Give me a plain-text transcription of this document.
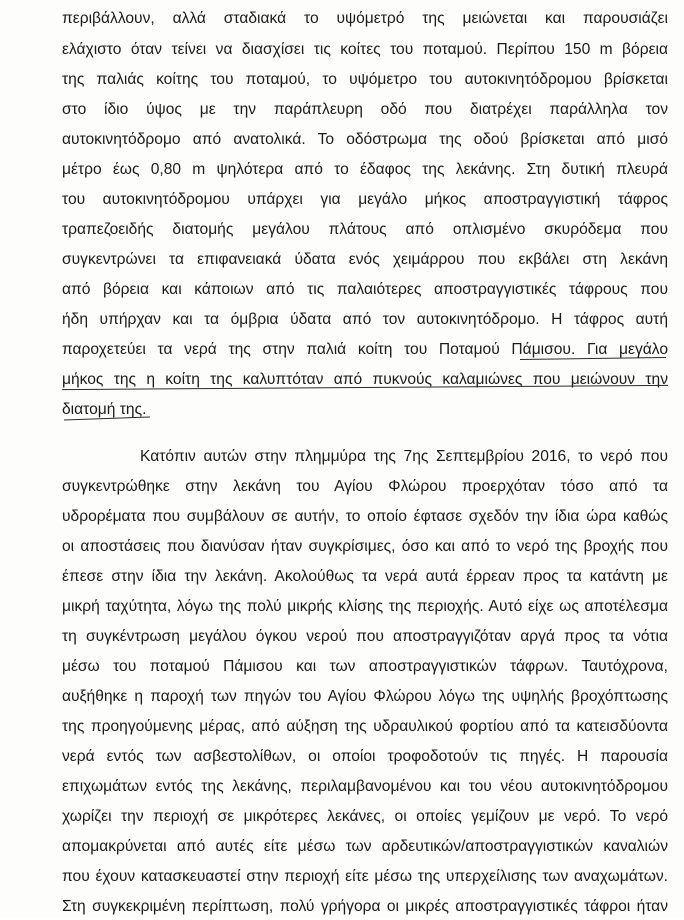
περιβάλλουν, αλλά σταδιακά το υψόμετρό της μειώνεται και παρουσιάζει
ελάχιστο όταν τείνει να διασχίσει τις κοίτες του ποταμού. Περίπου 150 m βόρεια
της παλιάς κοίτης του ποταμού, το υψόμετρο του αυτοκινητόδρομου βρίσκεται
στο ίδιο ύψος με την παράπλευρη οδό που διατρέχει παράλληλα τον
αυτοκινητόδρομο από ανατολικά. Το οδόστρωμα της οδού βρίσκεται από μισό
μέτρο έως 0,80 m ψηλότερα από το έδαφος της λεκάνης. Στη δυτική πλευρά
του αυτοκινητόδρομου υπάρχει για μεγάλο μήκος αποστραγγιστική τάφρος
τραπεζοειδής διατομής μεγάλου πλάτους από οπλισμένο σκυρόδεμα που
συγκεντρώνει τα επιφανειακά ύδατα ενός χειμάρρου που εκβάλει στη λεκάνη
από βόρεια και κάποιων από τις παλαιότερες αποστραγγιστικές τάφρους που
ήδη υπήρχαν και τα όμβρια ύδατα από τον αυτοκινητόδρομο. Η τάφρος αυτή
παροχετεύει τα νερά της στην παλιά κοίτη του Ποταμού Πάμισου. Για μεγάλο
μήκος της η κοίτη της καλυπτόταν από πυκνούς καλαμιώνες που μειώνουν την
διατομή της.
Κατόπιν αυτών στην πλημμύρα της 7ης Σεπτεμβρίου 2016, το νερό που
συγκεντρώθηκε στην λεκάνη του Αγίου Φλώρου προερχόταν τόσο από τα
υδρορέματα που συμβάλουν σε αυτήν, το οποίο έφτασε σχεδόν την ίδια ώρα καθώς
οι αποστάσεις που διανύσαν ήταν συγκρίσιμες, όσο και από το νερό της βροχής που
έπεσε στην ίδια την λεκάνη. Ακολούθως τα νερά αυτά έρρεαν προς τα κατάντη με
μικρή ταχύτητα, λόγω της πολύ μικρής κλίσης της περιοχής. Αυτό είχε ως αποτέλεσμα
τη συγκέντρωση μεγάλου όγκου νερού που αποστραγγιζόταν αργά προς τα νότια
μέσω του ποταμού Πάμισου και των αποστραγγιστικών τάφρων. Ταυτόχρονα,
αυξήθηκε η παροχή των πηγών του Αγίου Φλώρου λόγω της υψηλής βροχόπτωσης
της προηγούμενης μέρας, από αύξηση της υδραυλικού φορτίου από τα κατεισδύοντα
νερά εντός των ασβεστολίθων, οι οποίοι τροφοδοτούν τις πηγές. Η παρουσία
επιχωμάτων εντός της λεκάνης, περιλαμβανομένου και του νέου αυτοκινητόδρομου
χωρίζει την περιοχή σε μικρότερες λεκάνες, οι οποίες γεμίζουν με νερό. Το νερό
απομακρύνεται από αυτές είτε μέσω των αρδευτικών/αποστραγγιστικών καναλιών
που έχουν κατασκευαστεί στην περιοχή είτε μέσω της υπερχείλισης των αναχωμάτων.
Στη συγκεκριμένη περίπτωση, πολύ γρήγορα οι μικρές αποστραγγιστικές τάφροι ήταν
